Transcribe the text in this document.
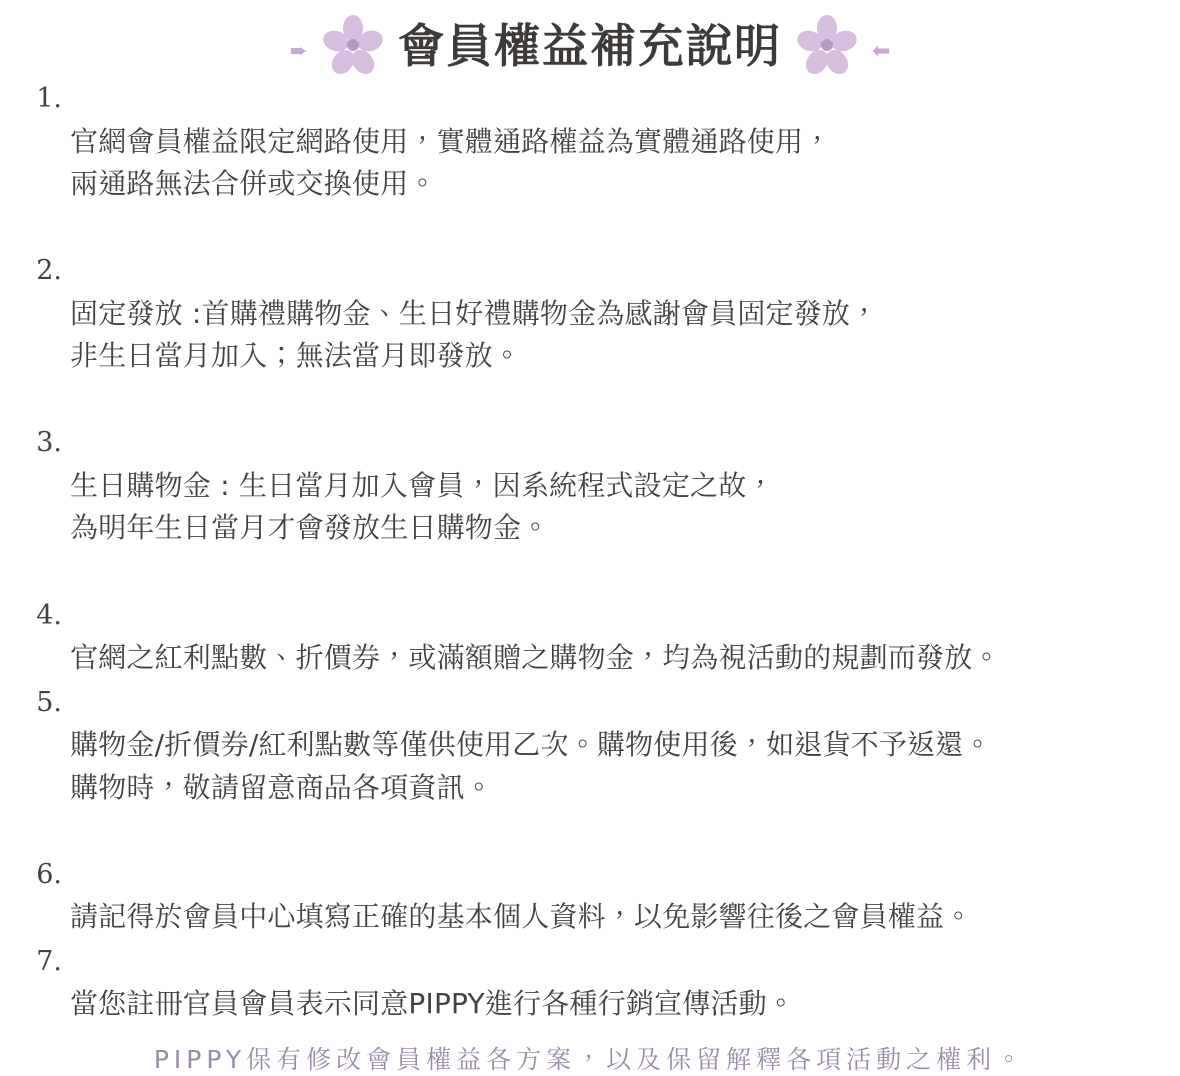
➨ 會員權益補充說明	⬅
1.

官網會員權益限定網路使用，實體通路權益為實體通路使用，

兩通路無法合併或交換使用。

2.

固定發放 :首購禮購物金、生日好禮購物金為感謝會員固定發放，

非生日當月加入；無法當月即發放。

3.

生日購物金 : 生日當月加入會員，因系統程式設定之故，

為明年生日當月才會發放生日購物金。

4.

官網之紅利點數、折價券，或滿額贈之購物金，均為視活動的規劃而發放。

5.

購物金/折價券/紅利點數等僅供使用乙次。購物使用後，如退貨不予返還。

購物時，敬請留意商品各項資訊。

6.

請記得於會員中心填寫正確的基本個人資料，以免影響往後之會員權益。

7.

當您註冊官員會員表示同意PIPPY進行各種行銷宣傳活動。

PIPPY保有修改會員權益各方案，以及保留解釋各項活動之權利。
